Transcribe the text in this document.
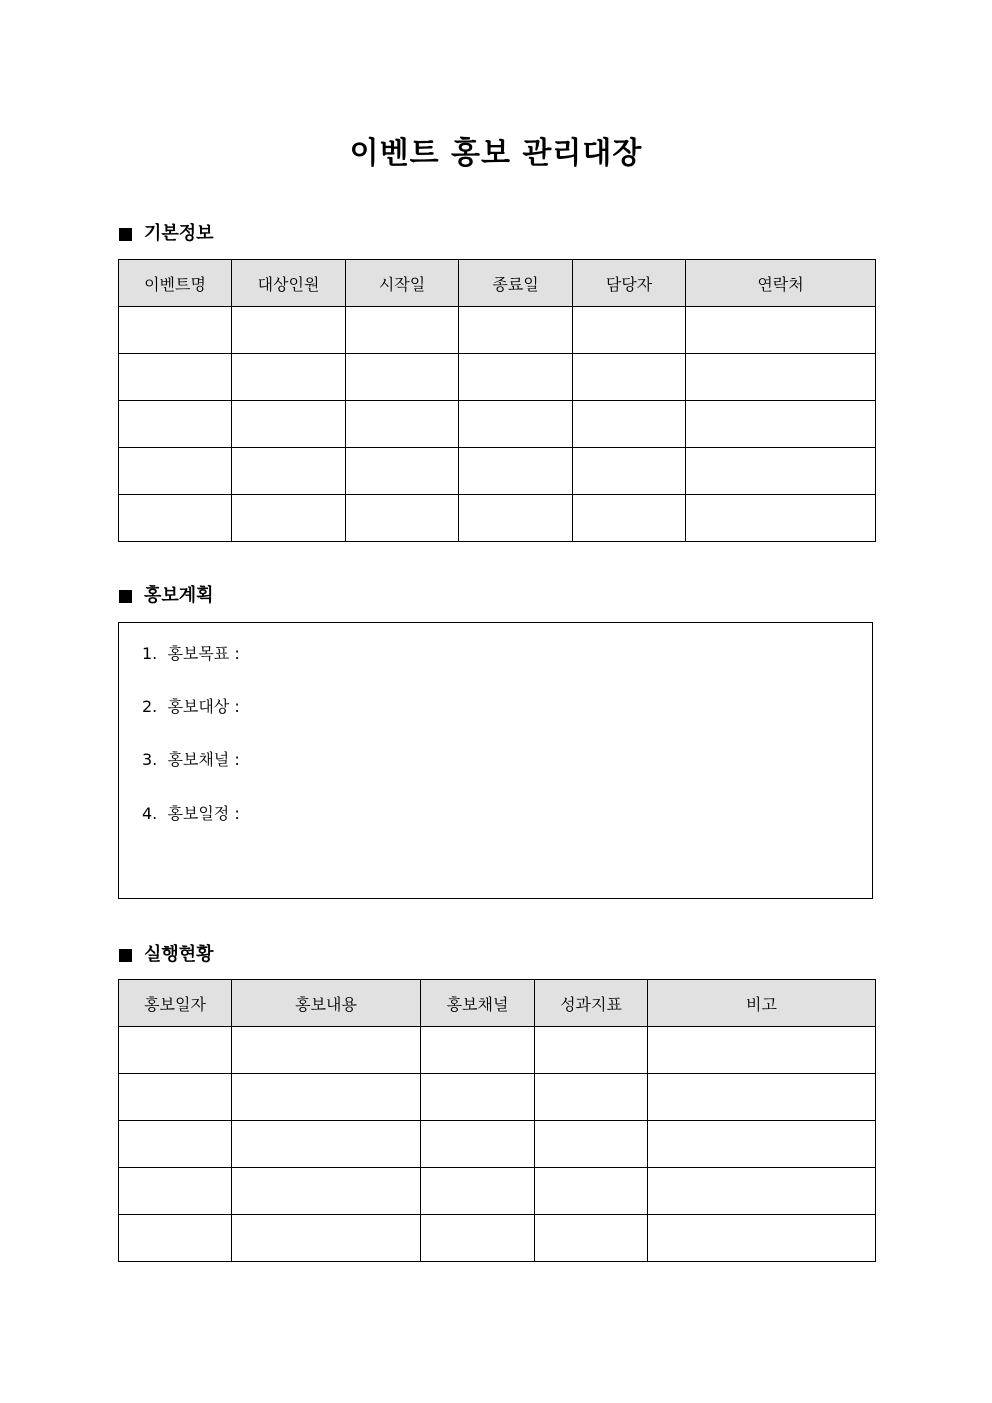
이벤트 홍보 관리대장
기본정보
이벤트명	대상인원	시작일	종료일	담당자	연락처

홍보계획
1.  홍보목표 :
2.  홍보대상 :
3.  홍보채널 :
4.  홍보일정 :
실행현황
홍보일자	홍보내용	홍보채널	성과지표	비고
